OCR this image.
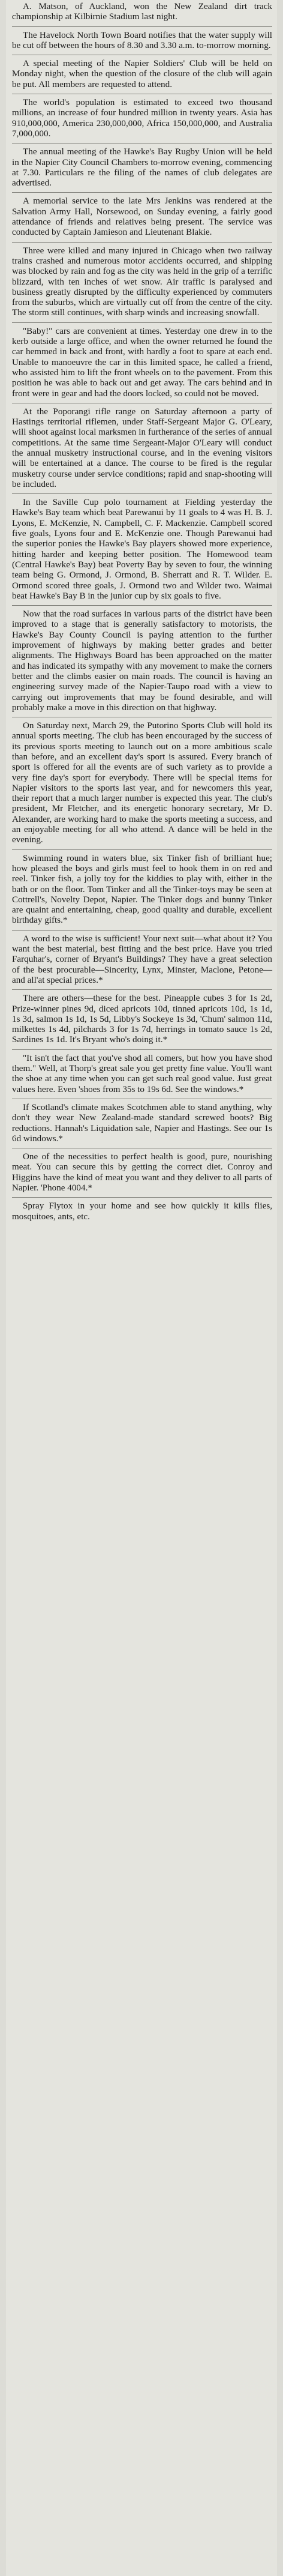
A. Matson, of Auckland, won the New Zealand dirt track championship at Kilbirnie Stadium last night.

The Havelock North Town Board notifies that the water supply will be cut off between the hours of 8.30 and 3.30 a.m. to-morrow morning.

A special meeting of the Napier Soldiers' Club will be held on Monday night, when the question of the closure of the club will again be put. All members are requested to attend.

The world's population is estimated to exceed two thousand millions, an increase of four hundred million in twenty years. Asia has 910,000,000, America 230,000,000, Africa 150,000,000, and Australia 7,000,000.

The annual meeting of the Hawke's Bay Rugby Union will be held in the Napier City Council Chambers to-morrow evening, commencing at 7.30. Particulars re the filing of the names of club delegates are advertised.

A memorial service to the late Mrs Jenkins was rendered at the Salvation Army Hall, Norsewood, on Sunday evening, a fairly good attendance of friends and relatives being present. The service was conducted by Captain Jamieson and Lieutenant Blakie.

Three were killed and many injured in Chicago when two railway trains crashed and numerous motor accidents occurred, and shipping was blocked by rain and fog as the city was held in the grip of a terrific blizzard, with ten inches of wet snow. Air traffic is paralysed and business greatly disrupted by the difficulty experienced by commuters from the suburbs, which are virtually cut off from the centre of the city. The storm still continues, with sharp winds and increasing snowfall.

"Baby!" cars are convenient at times. Yesterday one drew in to the kerb outside a large office, and when the owner returned he found the car hemmed in back and front, with hardly a foot to spare at each end. Unable to manoeuvre the car in this limited space, he called a friend, who assisted him to lift the front wheels on to the pavement. From this position he was able to back out and get away. The cars behind and in front were in gear and had the doors locked, so could not be moved.

At the Poporangi rifle range on Saturday afternoon a party of Hastings territorial riflemen, under Staff-Sergeant Major G. O'Leary, will shoot against local marksmen in furtherance of the series of annual competitions. At the same time Sergeant-Major O'Leary will conduct the annual musketry instructional course, and in the evening visitors will be entertained at a dance. The course to be fired is the regular musketry course under service conditions; rapid and snap-shooting will be included.

In the Saville Cup polo tournament at Fielding yesterday the Hawke's Bay team which beat Parewanui by 11 goals to 4 was H. B. J. Lyons, E. McKenzie, N. Campbell, C. F. Mackenzie. Campbell scored five goals, Lyons four and E. McKenzie one. Though Parewanui had the superior ponies the Hawke's Bay players showed more experience, hitting harder and keeping better position. The Homewood team (Central Hawke's Bay) beat Poverty Bay by seven to four, the winning team being G. Ormond, J. Ormond, B. Sherratt and R. T. Wilder. E. Ormond scored three goals, J. Ormond two and Wilder two. Waimai beat Hawke's Bay B in the junior cup by six goals to five.

Now that the road surfaces in various parts of the district have been improved to a stage that is generally satisfactory to motorists, the Hawke's Bay County Council is paying attention to the further improvement of highways by making better grades and better alignments. The Highways Board has been approached on the matter and has indicated its sympathy with any movement to make the corners better and the climbs easier on main roads. The council is having an engineering survey made of the Napier-Taupo road with a view to carrying out improvements that may be found desirable, and will probably make a move in this direction on that highway.

On Saturday next, March 29, the Putorino Sports Club will hold its annual sports meeting. The club has been encouraged by the success of its previous sports meeting to launch out on a more ambitious scale than before, and an excellent day's sport is assured. Every branch of sport is offered for all the events are of such variety as to provide a very fine day's sport for everybody. There will be special items for Napier visitors to the sports last year, and for newcomers this year, their report that a much larger number is expected this year. The club's president, Mr Fletcher, and its energetic honorary secretary, Mr D. Alexander, are working hard to make the sports meeting a success, and an enjoyable meeting for all who attend. A dance will be held in the evening.

Swimming round in waters blue, six Tinker fish of brilliant hue; how pleased the boys and girls must feel to hook them in on red and reel. Tinker fish, a jolly toy for the kiddies to play with, either in the bath or on the floor. Tom Tinker and all the Tinker-toys may be seen at Cottrell's, Novelty Depot, Napier. The Tinker dogs and bunny Tinker are quaint and entertaining, cheap, good quality and durable, excellent birthday gifts.*

A word to the wise is sufficient! Your next suit—what about it? You want the best material, best fitting and the best price. Have you tried Farquhar's, corner of Bryant's Buildings? They have a great selection of the best procurable—Sincerity, Lynx, Minster, Maclone, Petone—and all'at special prices.*

There are others—these for the best. Pineapple cubes 3 for 1s 2d, Prize-winner pines 9d, diced apricots 10d, tinned apricots 10d, 1s 1d, 1s 3d, salmon 1s 1d, 1s 5d, Libby's Sockeye 1s 3d, 'Chum' salmon 11d, milkettes 1s 4d, pilchards 3 for 1s 7d, herrings in tomato sauce 1s 2d, Sardines 1s 1d. It's Bryant who's doing it.*

"It isn't the fact that you've shod all comers, but how you have shod them." Well, at Thorp's great sale you get pretty fine value. You'll want the shoe at any time when you can get such real good value. Just great values here. Even 'shoes from 35s to 19s 6d. See the windows.*

If Scotland's climate makes Scotchmen able to stand anything, why don't they wear New Zealand-made standard screwed boots? Big reductions. Hannah's Liquidation sale, Napier and Hastings. See our 1s 6d windows.*

One of the necessities to perfect health is good, pure, nourishing meat. You can secure this by getting the correct diet. Conroy and Higgins have the kind of meat you want and they deliver to all parts of Napier. 'Phone 4004.*

Spray Flytox in your home and see how quickly it kills flies, mosquitoes, ants, etc.
